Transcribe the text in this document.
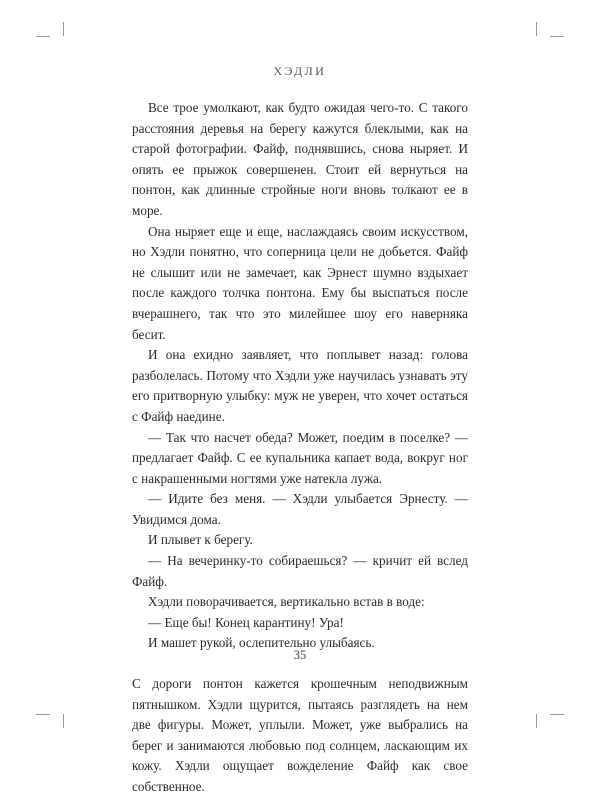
ХЭДЛИ

Все трое умолкают, как будто ожидая чего-то. С такого расстояния деревья на берегу кажутся блеклыми, как на старой фотографии. Файф, поднявшись, снова ныряет. И опять ее прыжок совершенен. Стоит ей вернуться на понтон, как длинные стройные ноги вновь толкают ее в море.

Она ныряет еще и еще, наслаждаясь своим искусством, но Хэдли понятно, что соперница цели не добьется. Файф не слышит или не замечает, как Эрнест шумно вздыхает после каждого толчка понтона. Ему бы выспаться после вчерашнего, так что это милейшее шоу его наверняка бесит.

И она ехидно заявляет, что поплывет назад: голова разболелась. Потому что Хэдли уже научилась узнавать эту его притворную улыбку: муж не уверен, что хочет остаться с Файф наедине.

— Так что насчет обеда? Может, поедим в поселке? — предлагает Файф. С ее купальника капает вода, вокруг ног с накрашенными ногтями уже натекла лужа.

— Идите без меня. — Хэдли улыбается Эрнесту. — Увидимся дома.

И плывет к берегу.

— На вечеринку-то собираешься? — кричит ей вслед Файф.

Хэдли поворачивается, вертикально встав в воде:

— Еще бы! Конец карантину! Ура!

И машет рукой, ослепительно улыбаясь.

С дороги понтон кажется крошечным неподвижным пятнышком. Хэдли щурится, пытаясь разглядеть на нем две фигуры. Может, уплыли. Может, уже выбрались на берег и занимаются любовью под солнцем, ласкающим их кожу. Хэдли ощущает вожделение Файф как свое собственное.

35
